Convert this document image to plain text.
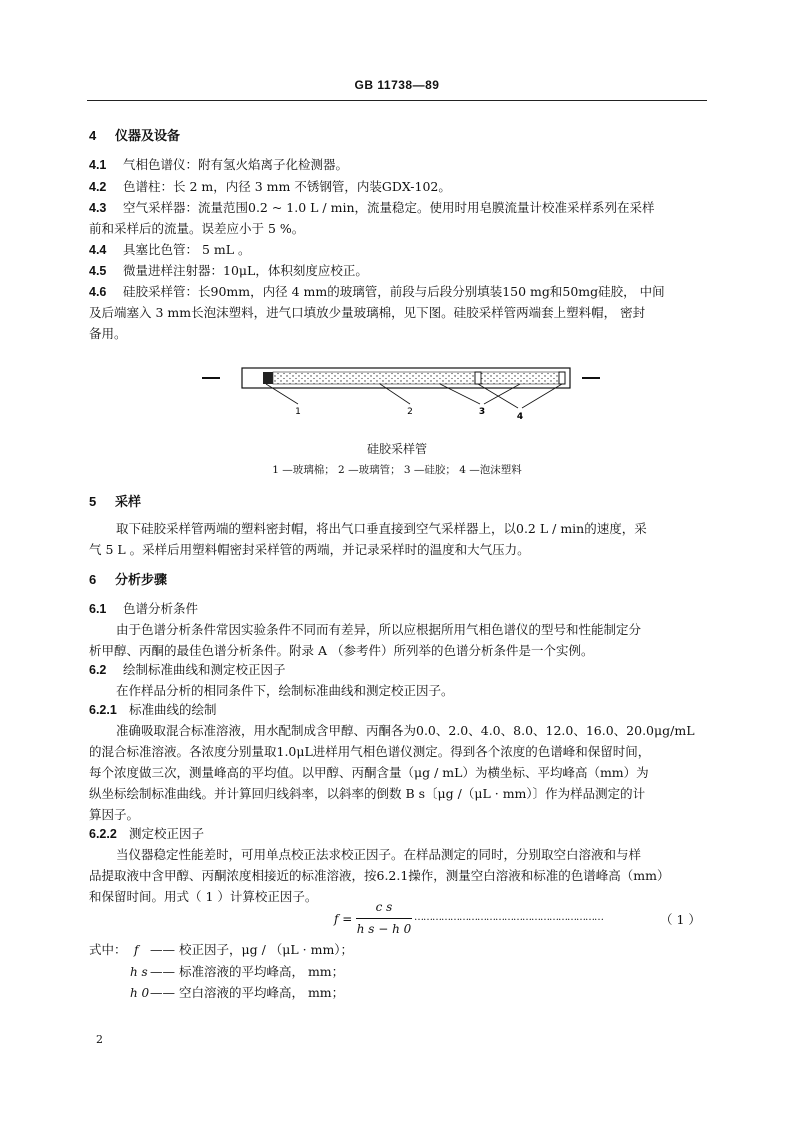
GB 11738—89
4 仪器及设备
4.1 气相色谱仪：附有氢火焰离子化检测器。
4.2 色谱柱：长 2 m，内径 3 mm 不锈钢管，内装GDX-102。
4.3 空气采样器：流量范围0.2 ~ 1.0 L / min，流量稳定。使用时用皂膜流量计校准采样系列在采样
前和采样后的流量。误差应小于 5 %。
4.4 具塞比色管： 5 mL 。
4.5 微量进样注射器：10μL，体积刻度应校正。
4.6 硅胶采样管：长90mm，内径 4 mm的玻璃管，前段与后段分别填装150 mg和50mg硅胶， 中间
及后端塞入 3 mm长泡沫塑料，进气口填放少量玻璃棉，见下图。硅胶采样管两端套上塑料帽， 密封
备用。
1	2	3	4
硅胶采样管
1 —玻璃棉； 2 —玻璃管； 3 —硅胶； 4 —泡沫塑料
5 采样
取下硅胶采样管两端的塑料密封帽，将出气口垂直接到空气采样器上，以0.2 L / min的速度，采
气 5 L 。采样后用塑料帽密封采样管的两端，并记录采样时的温度和大气压力。
6 分析步骤
6.1 色谱分析条件
由于色谱分析条件常因实验条件不同而有差异，所以应根据所用气相色谱仪的型号和性能制定分
析甲醇、丙酮的最佳色谱分析条件。附录 A （参考件）所列举的色谱分析条件是一个实例。
6.2 绘制标准曲线和测定校正因子
在作样品分析的相同条件下，绘制标准曲线和测定校正因子。
6.2.1 标准曲线的绘制
准确吸取混合标准溶液，用水配制成含甲醇、丙酮各为0.0、2.0、4.0、8.0、12.0、16.0、20.0μg/mL
的混合标准溶液。各浓度分别量取1.0μL进样用气相色谱仪测定。得到各个浓度的色谱峰和保留时间，
每个浓度做三次，测量峰高的平均值。以甲醇、丙酮含量（μg / mL）为横坐标、平均峰高（mm）为
纵坐标绘制标准曲线。并计算回归线斜率，以斜率的倒数 B s〔μg /（μL · mm）〕作为样品测定的计
算因子。
6.2.2 测定校正因子
当仪器稳定性能差时，可用单点校正法求校正因子。在样品测定的同时，分别取空白溶液和与样
品提取液中含甲醇、丙酮浓度相接近的标准溶液，按6.2.1操作，测量空白溶液和标准的色谱峰高（mm）
和保留时间。用式（ 1 ）计算校正因子。
f =
c s
h s − h 0
………………………………………………………	（ 1 ）
式中： f —— 校正因子，μg / （μL · mm）；
h s —— 标准溶液的平均峰高， mm；
h 0—— 空白溶液的平均峰高， mm；
2
